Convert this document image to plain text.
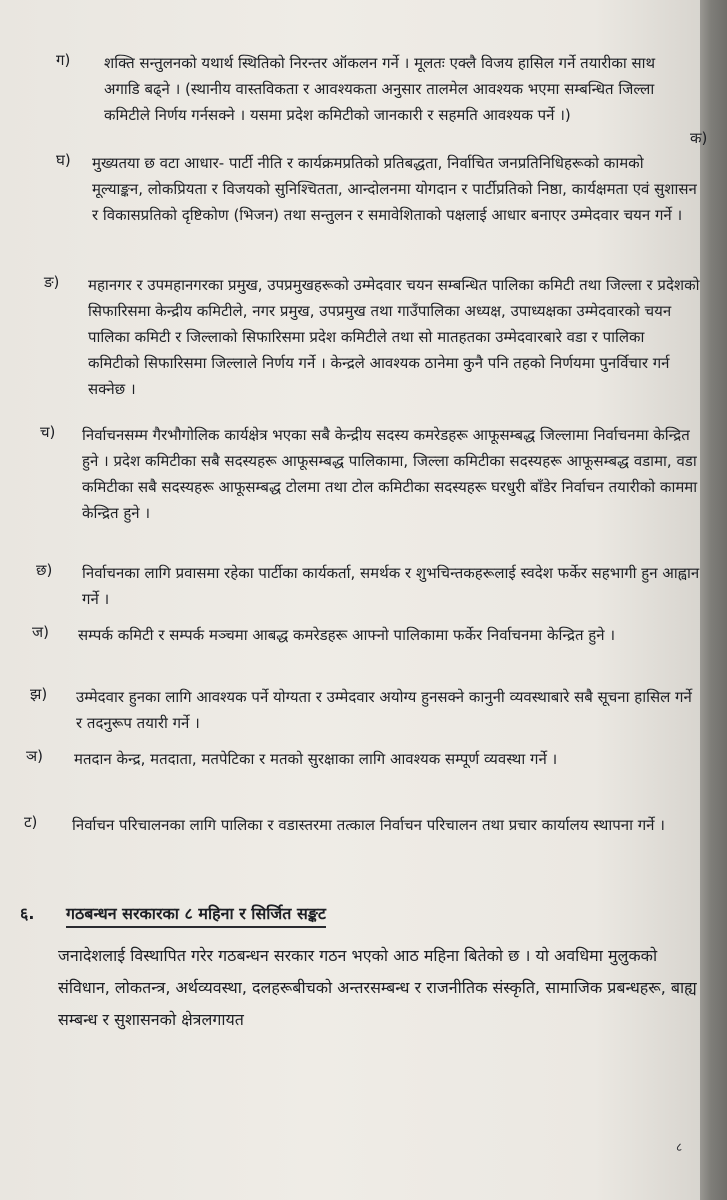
ग) शक्ति सन्तुलनको यथार्थ स्थितिको निरन्तर ऑकलन गर्ने । मूलतः एक्लै विजय हासिल गर्ने तयारीका साथ अगाडि बढ्ने । (स्थानीय वास्तविकता र आवश्यकता अनुसार तालमेल आवश्यक भएमा सम्बन्धित जिल्ला कमिटीले निर्णय गर्नसक्ने । यसमा प्रदेश कमिटीको जानकारी र सहमति आवश्यक पर्ने ।)
घ) मुख्यतया छ वटा आधार- पार्टी नीति र कार्यक्रमप्रतिको प्रतिबद्धता, निर्वाचित जनप्रतिनिधिहरूको कामको मूल्याङ्कन, लोकप्रियता र विजयको सुनिश्चितता, आन्दोलनमा योगदान र पार्टीप्रतिको निष्ठा, कार्यक्षमता एवं सुशासन र विकासप्रतिको दृष्टिकोण (भिजन) तथा सन्तुलन र समावेशिताको पक्षलाई आधार बनाएर उम्मेदवार चयन गर्ने ।
ङ) महानगर र उपमहानगरका प्रमुख, उपप्रमुखहरूको उम्मेदवार चयन सम्बन्धित पालिका कमिटी तथा जिल्ला र प्रदेशको सिफारिसमा केन्द्रीय कमिटीले, नगर प्रमुख, उपप्रमुख तथा गाउँपालिका अध्यक्ष, उपाध्यक्षका उम्मेदवारको चयन पालिका कमिटी र जिल्लाको सिफारिसमा प्रदेश कमिटीले तथा सो मातहतका उम्मेदवारबारे वडा र पालिका कमिटीको सिफारिसमा जिल्लाले निर्णय गर्ने । केन्द्रले आवश्यक ठानेमा कुनै पनि तहको निर्णयमा पुनर्विचार गर्न सक्नेछ ।
च) निर्वाचनसम्म गैरभौगोलिक कार्यक्षेत्र भएका सबै केन्द्रीय सदस्य कमरेडहरू आफूसम्बद्ध जिल्लामा निर्वाचनमा केन्द्रित हुने । प्रदेश कमिटीका सबै सदस्यहरू आफूसम्बद्ध पालिकामा, जिल्ला कमिटीका सदस्यहरू आफूसम्बद्ध वडामा, वडा कमिटीका सबै सदस्यहरू आफूसम्बद्ध टोलमा तथा टोल कमिटीका सदस्यहरू घरधुरी बाँडेर निर्वाचन तयारीको काममा केन्द्रित हुने ।
छ) निर्वाचनका लागि प्रवासमा रहेका पार्टीका कार्यकर्ता, समर्थक र शुभचिन्तकहरूलाई स्वदेश फर्केर सहभागी हुन आह्वान गर्ने ।
ज) सम्पर्क कमिटी र सम्पर्क मञ्चमा आबद्ध कमरेडहरू आफ्नो पालिकामा फर्केर निर्वाचनमा केन्द्रित हुने ।
झ) उम्मेदवार हुनका लागि आवश्यक पर्ने योग्यता र उम्मेदवार अयोग्य हुनसक्ने कानुनी व्यवस्थाबारे सबै सूचना हासिल गर्ने र तदनुरूप तयारी गर्ने ।
ञ) मतदान केन्द्र, मतदाता, मतपेटिका र मतको सुरक्षाका लागि आवश्यक सम्पूर्ण व्यवस्था गर्ने ।
ट) निर्वाचन परिचालनका लागि पालिका र वडास्तरमा तत्काल निर्वाचन परिचालन तथा प्रचार कार्यालय स्थापना गर्ने ।
६. गठबन्धन सरकारका ८ महिना र सिर्जित सङ्कट
जनादेशलाई विस्थापित गरेर गठबन्धन सरकार गठन भएको आठ महिना बितेको छ । यो अवधिमा मुलुकको संविधान, लोकतन्त्र, अर्थव्यवस्था, दलहरूबीचको अन्तरसम्बन्ध र राजनीतिक संस्कृति, सामाजिक प्रबन्धहरू, बाह्य सम्बन्ध र सुशासनको क्षेत्रलगायत
८
क)
